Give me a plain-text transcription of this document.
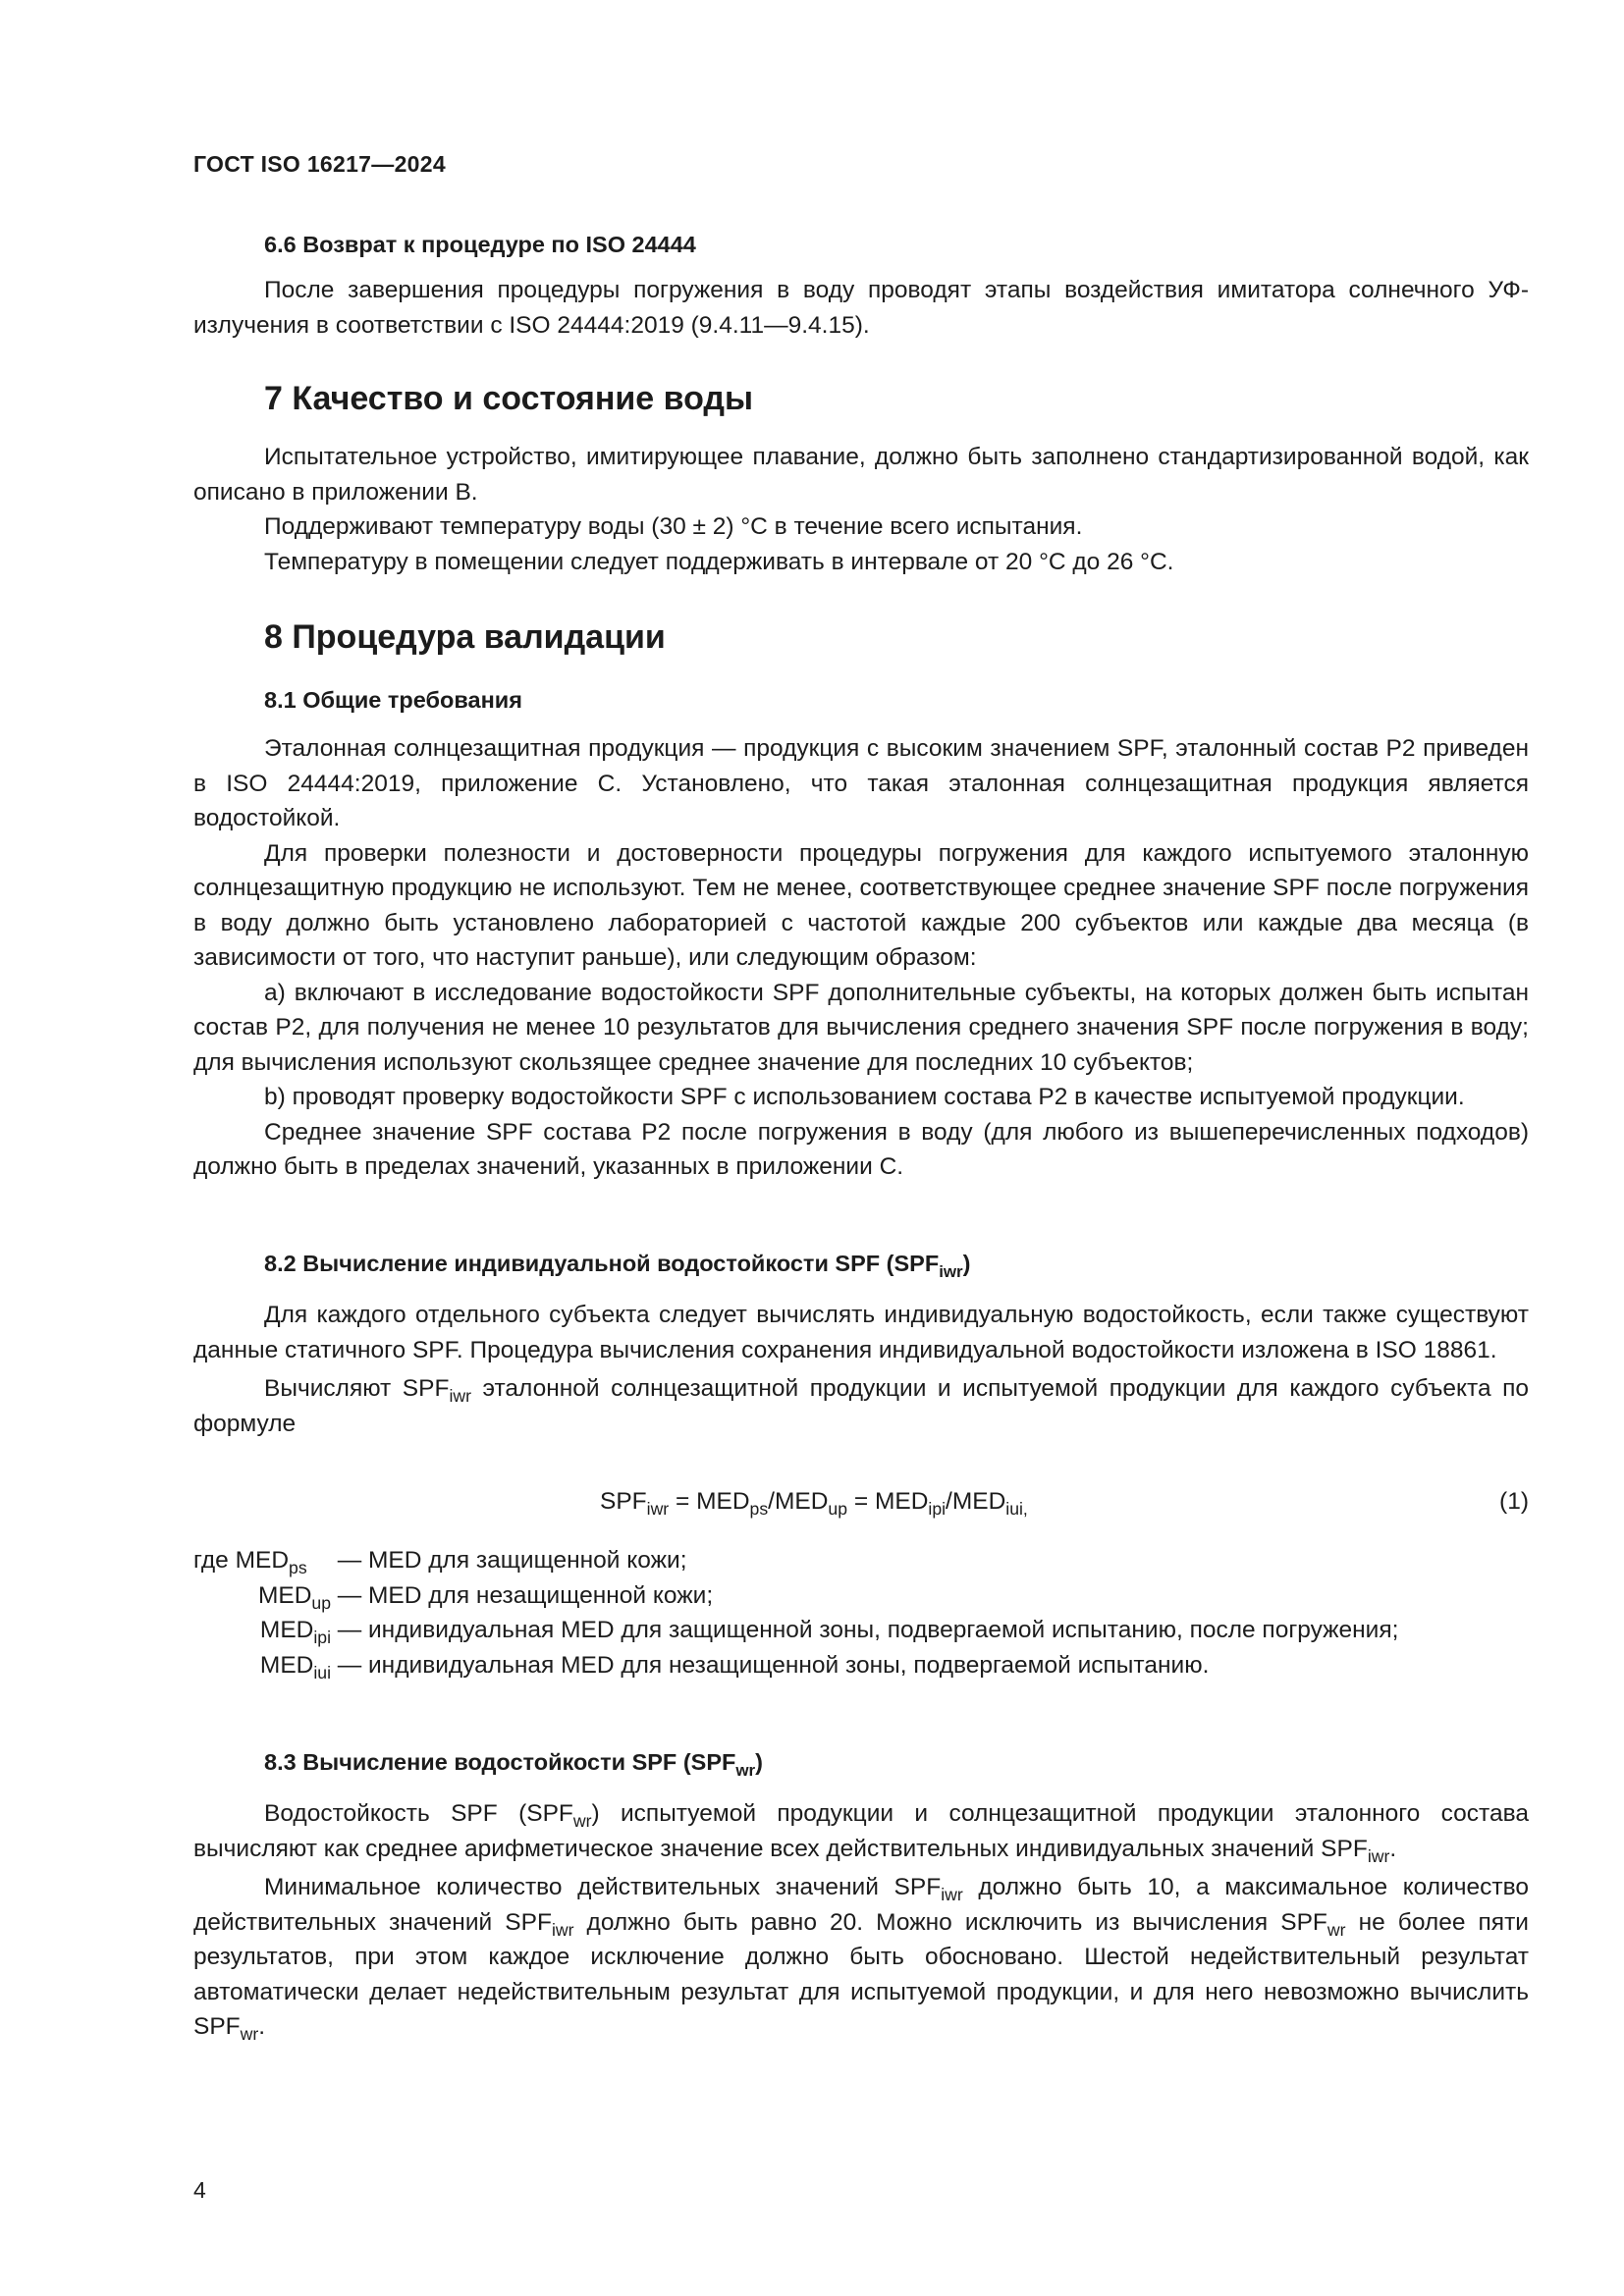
ГОСТ ISO 16217—2024
6.6 Возврат к процедуре по ISO 24444

После завершения процедуры погружения в воду проводят этапы воздействия имитатора солнечного УФ-излучения в соответствии с ISO 24444:2019 (9.4.11—9.4.15).

7 Качество и состояние воды

Испытательное устройство, имитирующее плавание, должно быть заполнено стандартизированной водой, как описано в приложении В.

Поддерживают температуру воды (30 ± 2) °C в течение всего испытания.

Температуру в помещении следует поддерживать в интервале от 20 °C до 26 °C.

8 Процедура валидации
8.1 Общие требования

Эталонная солнцезащитная продукция — продукция с высоким значением SPF, эталонный состав P2 приведен в ISO 24444:2019, приложение С. Установлено, что такая эталонная солнцезащитная продукция является водостойкой.

Для проверки полезности и достоверности процедуры погружения для каждого испытуемого эталонную солнцезащитную продукцию не используют. Тем не менее, соответствующее среднее значение SPF после погружения в воду должно быть установлено лабораторией с частотой каждые 200 субъектов или каждые два месяца (в зависимости от того, что наступит раньше), или следующим образом:

a) включают в исследование водостойкости SPF дополнительные субъекты, на которых должен быть испытан состав Р2, для получения не менее 10 результатов для вычисления среднего значения SPF после погружения в воду; для вычисления используют скользящее среднее значение для последних 10 субъектов;

b) проводят проверку водостойкости SPF с использованием состава Р2 в качестве испытуемой продукции.

Среднее значение SPF состава Р2 после погружения в воду (для любого из вышеперечисленных подходов) должно быть в пределах значений, указанных в приложении С.

8.2 Вычисление индивидуальной водостойкости SPF $(SPF_{iwr})$

Для каждого отдельного субъекта следует вычислять индивидуальную водостойкость, если также существуют данные статичного SPF. Процедура вычисления сохранения индивидуальной водостойкости изложена в ISO 18861.

Вычисляют $SPF_{iwr}$ эталонной солнцезащитной продукции и испытуемой продукции для каждого субъекта по формуле

$SPF_{iwr} = MED_{ps}/MED_{up} = MED_{ipi}/MED_{iui,}$	(1)
где $MED_{ps}$	— MED для защищенной кожи;
$MED_{up}$ — MED для незащищенной кожи;
$MED_{ipi}$ — индивидуальная MED для защищенной зоны, подвергаемой испытанию, после погружения;
$MED_{iui}$ — индивидуальная MED для незащищенной зоны, подвергаемой испытанию.
8.3 Вычисление водостойкости SPF $(SPF_{wr})$

Водостойкость SPF $(SPF_{wr})$ испытуемой продукции и солнцезащитной продукции эталонного состава вычисляют как среднее арифметическое значение всех действительных индивидуальных значений $SPF_{iwr}$.

Минимальное количество действительных значений $SPF_{iwr}$ должно быть 10, а максимальное количество действительных значений $SPF_{iwr}$ должно быть равно 20. Можно исключить из вычисления $SPF_{wr}$ не более пяти результатов, при этом каждое исключение должно быть обосновано. Шестой недействительный результат автоматически делает недействительным результат для испытуемой продукции, и для него невозможно вычислить $SPF_{wr}$.

4
